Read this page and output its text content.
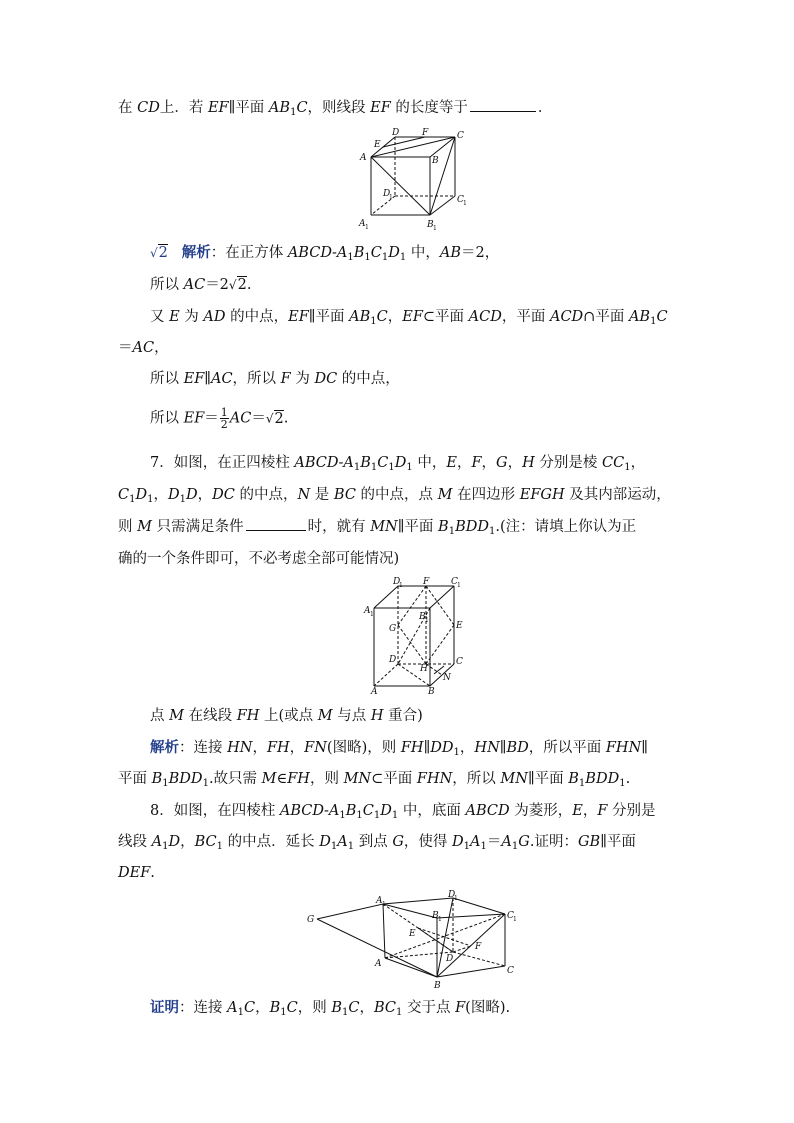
在 CD上．若 EF∥平面 $AB_1C$，则线段 EF 的长度等于	．
D	F	C
E
A	B
D
1	C 1
A 1	B 1
√2 解析：在正方体 ABCD-$A_1B_1C_1D_1$ 中，AB＝2，
所以 AC＝2√2.
又 E 为 AD 的中点，EF∥平面 $AB_1C$，EF⊂平面 ACD，平面 ACD∩平面 $AB_1C$
＝AC，
所以 EF∥AC，所以 F 为 DC 的中点，
所以 $EF= \frac{1}{2} AC=√2$.
7．如图，在正四棱柱 ABCD-$A_1B_1C_1D_1$ 中，E，F，G，H 分别是棱 $CC_1$，
$C_1D_1$，$D_1D$，DC 的中点，N 是 BC 的中点，点 M 在四边形 EFGH 及其内部运动，
则 M 只需满足条件	时，就有 MN∥平面 $B_1BDD_1$.(注：请填上你认为正
确的一个条件即可，不必考虑全部可能情况)
D
1 F C 1
A 1	B 1
G	E
D
H
C
N
A	B
点 M 在线段 FH 上(或点 M 与点 H 重合)
解析：连接 HN，FH，FN(图略)，则 $FH\parallel DD_1$，HN∥BD，所以平面 FHN∥
平面 $B_1BDD_1$.故只需 M∈FH，则 MN⊂平面 FHN，所以 MN∥平面 $B_1BDD_1$.
8．如图，在四棱柱 ABCD-$A_1B_1C_1D_1$ 中，底面 ABCD 为菱形，E，F 分别是
线段 $A_1D$，$BC_1$ 的中点．延长 $D_1A_1$ 到点 G，使得 $D_1A_1=A_1G$.证明：GB∥平面
DEF.
G
A 1
D
1
B 1	C 1
E
F
D
A
C
B
证明：连接 $A_1C$，$B_1C$，则 $B_1C$，$BC_1$ 交于点 F(图略).
